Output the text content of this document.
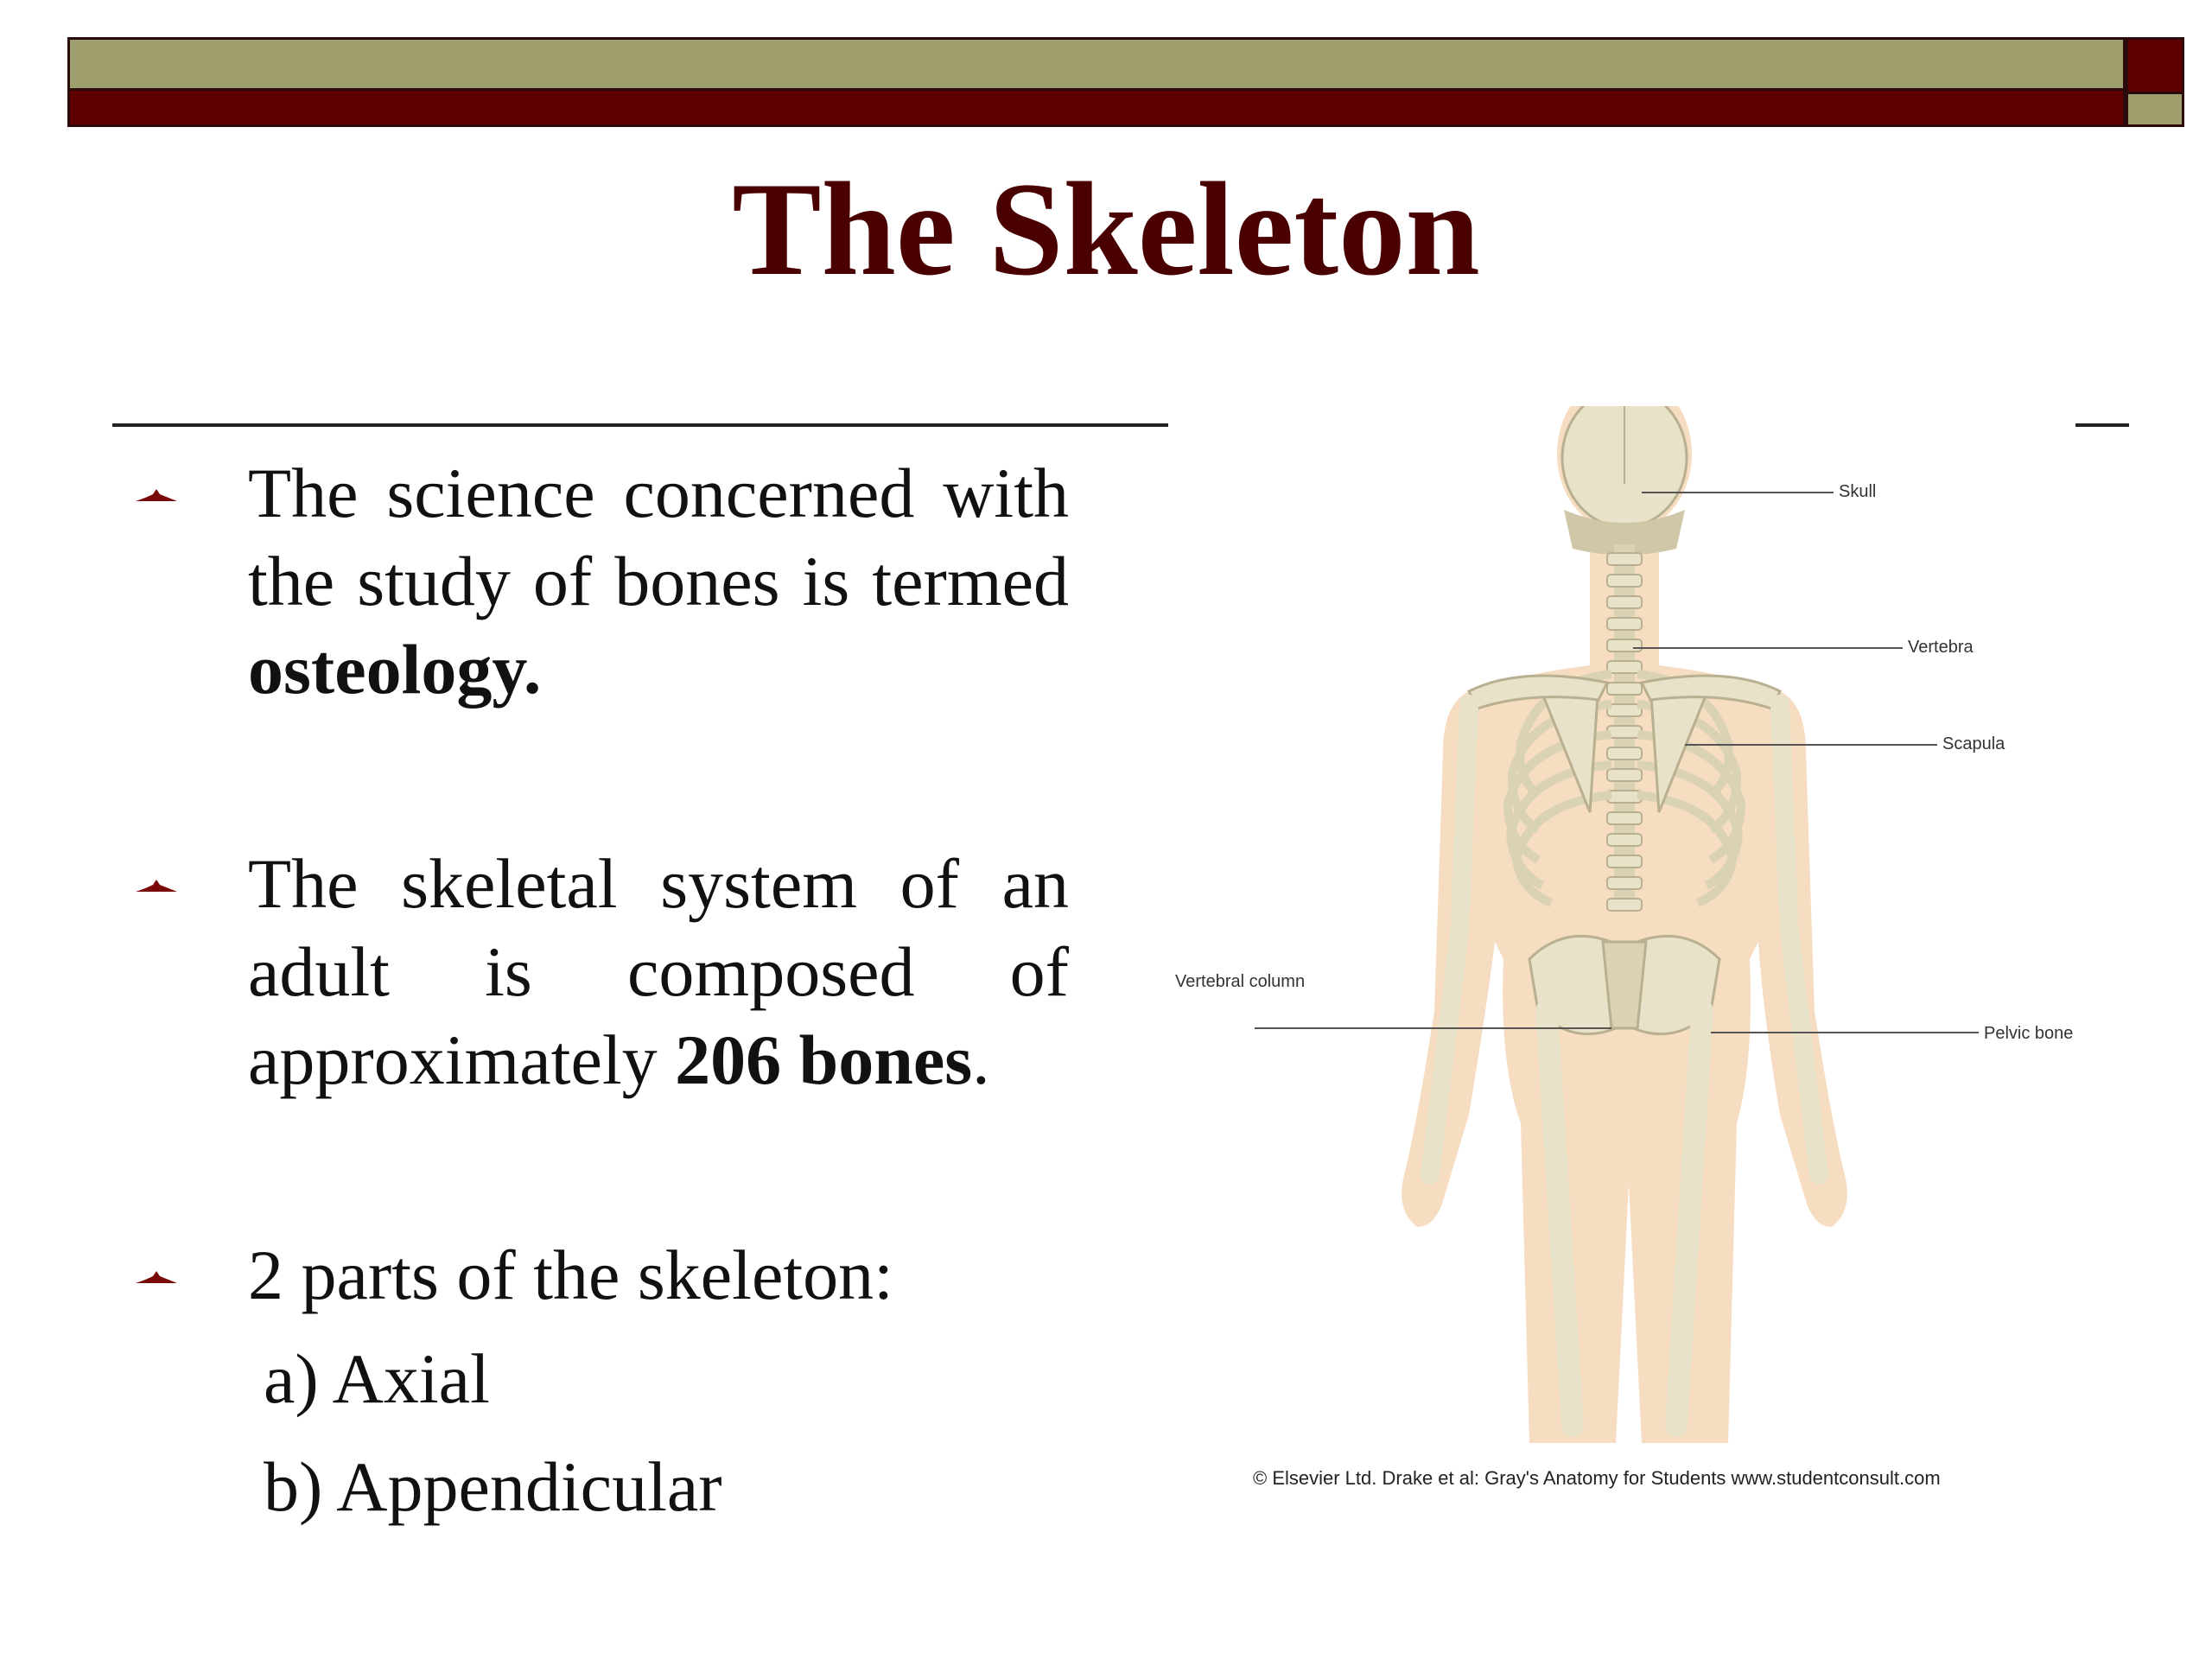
The Skeleton
The science concerned with the study of bones is termed osteology.
The skeletal system of an adult is composed of approximately 206 bones.
2 parts of the skeleton:
a) Axial
b) Appendicular
Skull
Vertebra
Scapula
Vertebral column
Pelvic bone
© Elsevier Ltd. Drake et al: Gray's Anatomy for Students www.studentconsult.com
